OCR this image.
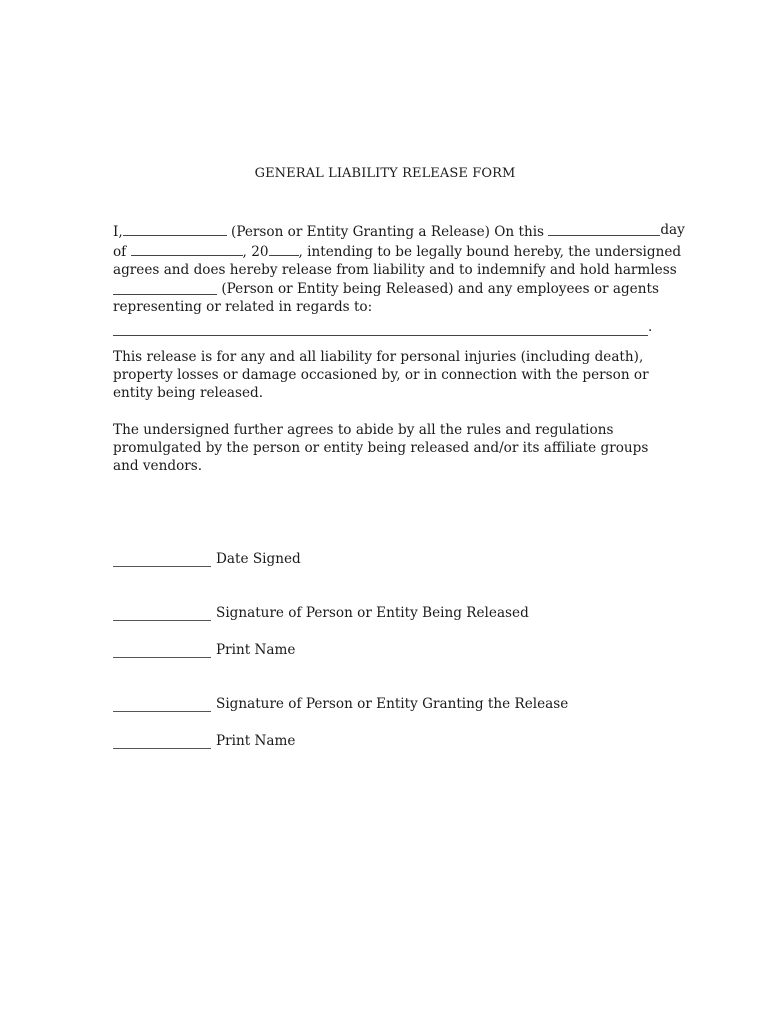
GENERAL LIABILITY RELEASE FORM
I,	(Person or Entity Granting a Release) On this	day
of	, 20 , intending to be legally bound hereby, the undersigned
agrees and does hereby release from liability and to indemnify and hold harmless

(Person or Entity being Released) and any employees or agents
representing or related in regards to:
.
This release is for any and all liability for personal injuries (including death), property losses or damage occasioned by, or in connection with the person or entity being released.
The undersigned further agrees to abide by all the rules and regulations promulgated by the person or entity being released and/or its affiliate groups and vendors.
Date Signed
Signature of Person or Entity Being Released
Print Name
Signature of Person or Entity Granting the Release
Print Name
